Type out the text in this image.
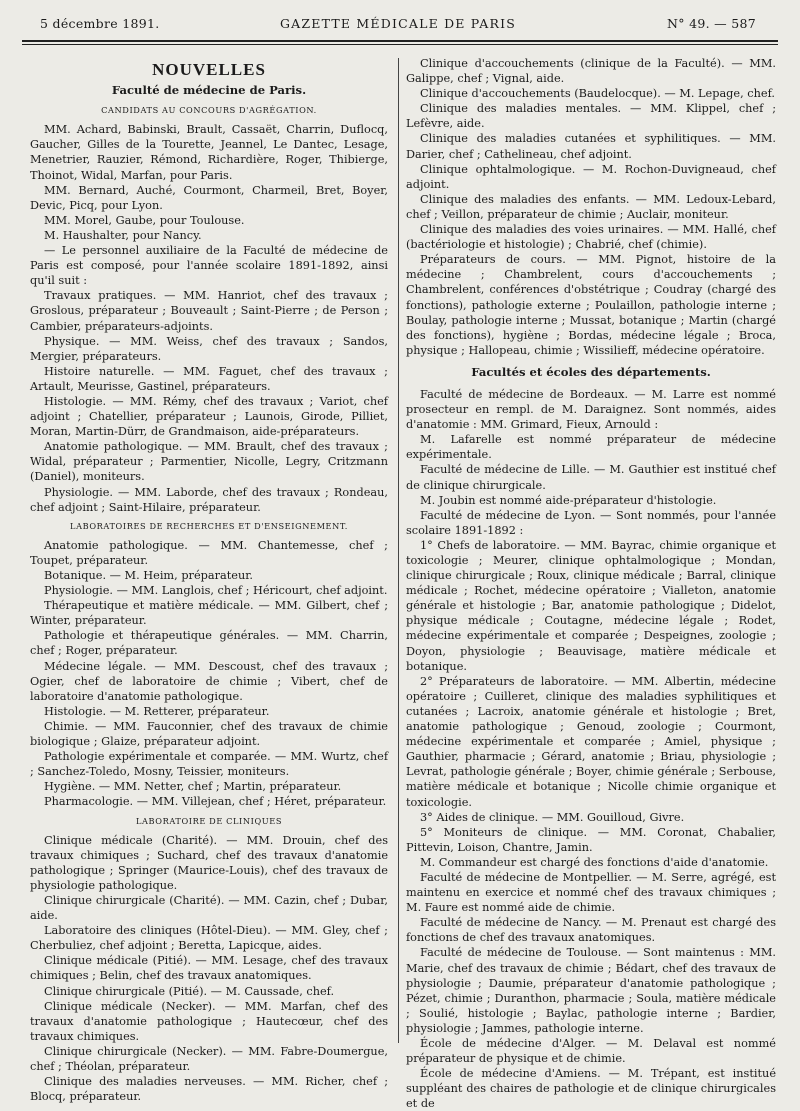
5 décembre 1891.	GAZETTE MÉDICALE DE PARIS	N° 49. — 587
NOUVELLES
Faculté de médecine de Paris.
CANDIDATS AU CONCOURS D'AGRÉGATION.

MM. Achard, Babinski, Brault, Cassaët, Charrin, Duflocq, Gaucher, Gilles de la Tourette, Jeannel, Le Dantec, Lesage, Menetrier, Rauzier, Rémond, Richardière, Roger, Thibierge, Thoinot, Widal, Marfan, pour Paris.

MM. Bernard, Auché, Courmont, Charmeil, Bret, Boyer, Devic, Picq, pour Lyon.

MM. Morel, Gaube, pour Toulouse.

M. Haushalter, pour Nancy.

— Le personnel auxiliaire de la Faculté de médecine de Paris est composé, pour l'année scolaire 1891-1892, ainsi qu'il suit :

Travaux pratiques. — MM. Hanriot, chef des travaux ; Groslous, préparateur ; Bouveault ; Saint-Pierre ; de Person ; Cambier, préparateurs-adjoints.

Physique. — MM. Weiss, chef des travaux ; Sandos, Mergier, préparateurs.

Histoire naturelle. — MM. Faguet, chef des travaux ; Artault, Meurisse, Gastinel, préparateurs.

Histologie. — MM. Rémy, chef des travaux ; Variot, chef adjoint ; Chatellier, préparateur ; Launois, Girode, Pilliet, Moran, Martin-Dürr, de Grandmaison, aide-préparateurs.

Anatomie pathologique. — MM. Brault, chef des travaux ; Widal, préparateur ; Parmentier, Nicolle, Legry, Critzmann (Daniel), moniteurs.

Physiologie. — MM. Laborde, chef des travaux ; Rondeau, chef adjoint ; Saint-Hilaire, préparateur.

LABORATOIRES DE RECHERCHES ET D'ENSEIGNEMENT.

Anatomie pathologique. — MM. Chantemesse, chef ; Toupet, préparateur.

Botanique. — M. Heim, préparateur.

Physiologie. — MM. Langlois, chef ; Héricourt, chef adjoint.

Thérapeutique et matière médicale. — MM. Gilbert, chef ; Winter, préparateur.

Pathologie et thérapeutique générales. — MM. Charrin, chef ; Roger, préparateur.

Médecine légale. — MM. Descoust, chef des travaux ; Ogier, chef de laboratoire de chimie ; Vibert, chef de laboratoire d'anatomie pathologique.

Histologie. — M. Retterer, préparateur.

Chimie. — MM. Fauconnier, chef des travaux de chimie biologique ; Glaize, préparateur adjoint.

Pathologie expérimentale et comparée. — MM. Wurtz, chef ; Sanchez-Toledo, Mosny, Teissier, moniteurs.

Hygiène. — MM. Netter, chef ; Martin, préparateur.

Pharmacologie. — MM. Villejean, chef ; Héret, préparateur.

LABORATOIRE DE CLINIQUES

Clinique médicale (Charité). — MM. Drouin, chef des travaux chimiques ; Suchard, chef des travaux d'anatomie pathologique ; Springer (Maurice-Louis), chef des travaux de physiologie pathologique.

Clinique chirurgicale (Charité). — MM. Cazin, chef ; Dubar, aide.

Laboratoire des cliniques (Hôtel-Dieu). — MM. Gley, chef ; Cherbuliez, chef adjoint ; Beretta, Lapicque, aides.

Clinique médicale (Pitié). — MM. Lesage, chef des travaux chimiques ; Belin, chef des travaux anatomiques.

Clinique chirurgicale (Pitié). — M. Caussade, chef.

Clinique médicale (Necker). — MM. Marfan, chef des travaux d'anatomie pathologique ; Hautecœur, chef des travaux chimiques.

Clinique chirurgicale (Necker). — MM. Fabre-Doumergue, chef ; Théolan, préparateur.

Clinique des maladies nerveuses. — MM. Richer, chef ; Blocq, préparateur.

Clinique d'accouchements (clinique de la Faculté). — MM. Galippe, chef ; Vignal, aide.

Clinique d'accouchements (Baudelocque). — M. Lepage, chef.

Clinique des maladies mentales. — MM. Klippel, chef ; Lefèvre, aide.

Clinique des maladies cutanées et syphilitiques. — MM. Darier, chef ; Cathelineau, chef adjoint.

Clinique ophtalmologique. — M. Rochon-Duvigneaud, chef adjoint.

Clinique des maladies des enfants. — MM. Ledoux-Lebard, chef ; Veillon, préparateur de chimie ; Auclair, moniteur.

Clinique des maladies des voies urinaires. — MM. Hallé, chef (bactériologie et histologie) ; Chabrié, chef (chimie).

Préparateurs de cours. — MM. Pignot, histoire de la médecine ; Chambrelent, cours d'accouchements ; Chambrelent, conférences d'obstétrique ; Coudray (chargé des fonctions), pathologie externe ; Poulaillon, pathologie interne ; Boulay, pathologie interne ; Mussat, botanique ; Martin (chargé des fonctions), hygiène ; Bordas, médecine légale ; Broca, physique ; Hallopeau, chimie ; Wissilieff, médecine opératoire.

Facultés et écoles des départements.

Faculté de médecine de Bordeaux. — M. Larre est nommé prosecteur en rempl. de M. Daraignez. Sont nommés, aides d'anatomie : MM. Grimard, Fieux, Arnould :

M. Lafarelle est nommé préparateur de médecine expérimentale.

Faculté de médecine de Lille. — M. Gauthier est institué chef de clinique chirurgicale.

M. Joubin est nommé aide-préparateur d'histologie.

Faculté de médecine de Lyon. — Sont nommés, pour l'année scolaire 1891-1892 :

1° Chefs de laboratoire. — MM. Bayrac, chimie organique et toxicologie ; Meurer, clinique ophtalmologique ; Mondan, clinique chirurgicale ; Roux, clinique médicale ; Barral, clinique médicale ; Rochet, médecine opératoire ; Vialleton, anatomie générale et histologie ; Bar, anatomie pathologique ; Didelot, physique médicale ; Coutagne, médecine légale ; Rodet, médecine expérimentale et comparée ; Despeignes, zoologie ; Doyon, physiologie ; Beauvisage, matière médicale et botanique.

2° Préparateurs de laboratoire. — MM. Albertin, médecine opératoire ; Cuilleret, clinique des maladies syphilitiques et cutanées ; Lacroix, anatomie générale et histologie ; Bret, anatomie pathologique ; Genoud, zoologie ; Courmont, médecine expérimentale et comparée ; Amiel, physique ; Gauthier, pharmacie ; Gérard, anatomie ; Briau, physiologie ; Levrat, pathologie générale ; Boyer, chimie générale ; Serbouse, matière médicale et botanique ; Nicolle chimie organique et toxicologie.

3° Aides de clinique. — MM. Gouilloud, Givre.

5° Moniteurs de clinique. — MM. Coronat, Chabalier, Pittevin, Loison, Chantre, Jamin.

M. Commandeur est chargé des fonctions d'aide d'anatomie.

Faculté de médecine de Montpellier. — M. Serre, agrégé, est maintenu en exercice et nommé chef des travaux chimiques ; M. Faure est nommé aide de chimie.

Faculté de médecine de Nancy. — M. Prenaut est chargé des fonctions de chef des travaux anatomiques.

Faculté de médecine de Toulouse. — Sont maintenus : MM. Marie, chef des travaux de chimie ; Bédart, chef des travaux de physiologie ; Daumie, préparateur d'anatomie pathologique ; Pézet, chimie ; Duranthon, pharmacie ; Soula, matière médicale ; Soulié, histologie ; Baylac, pathologie interne ; Bardier, physiologie ; Jammes, pathologie interne.

École de médecine d'Alger. — M. Delaval est nommé préparateur de physique et de chimie.

École de médecine d'Amiens. — M. Trépant, est institué suppléant des chaires de pathologie et de clinique chirurgicales et de
